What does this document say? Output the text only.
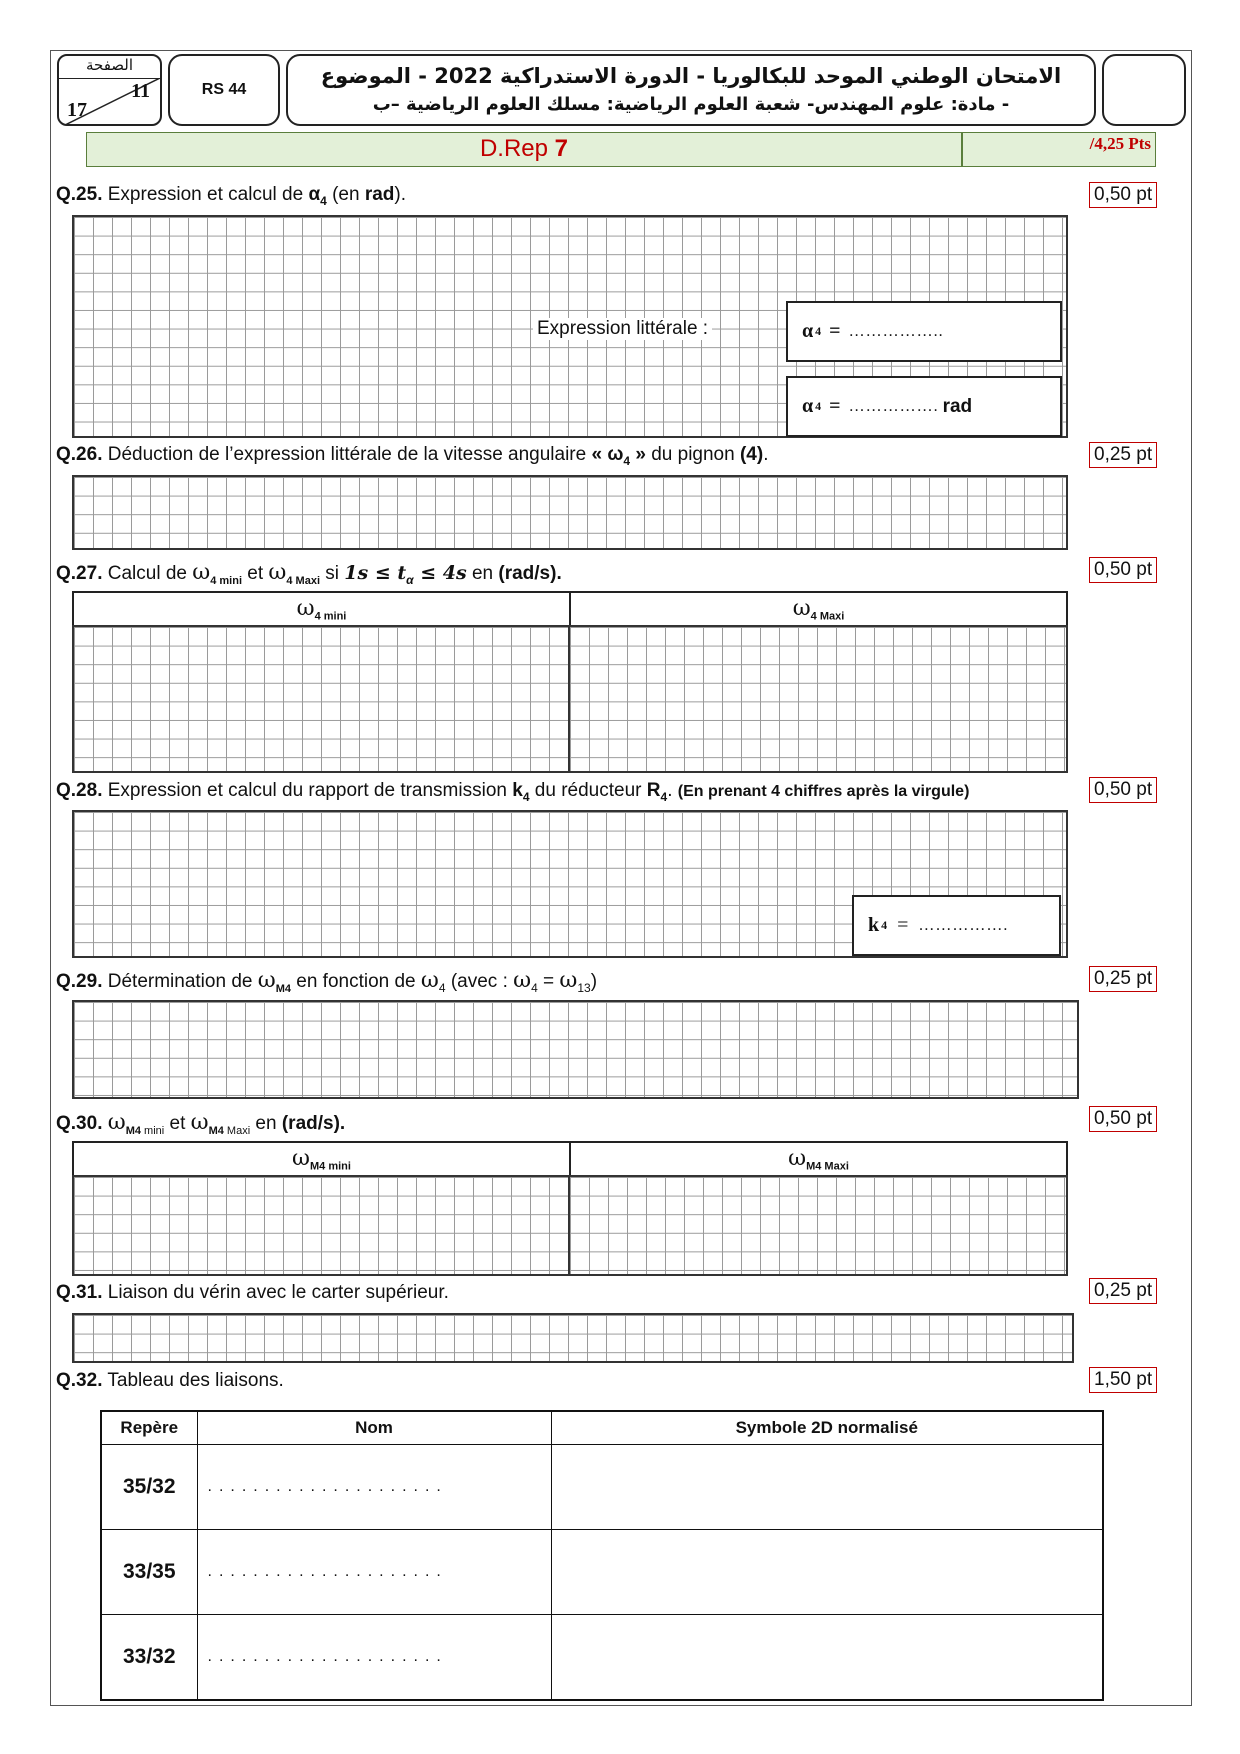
الصفحة
11
17
RS 44
الامتحان الوطني الموحد للبكالوريا - الدورة الاستدراكية 2022 - الموضوع
- مادة: علوم المهندس- شعبة العلوم الرياضية: مسلك العلوم الرياضية –ب
D.Rep 7	/4,25 Pts
Q.25. Expression et calcul de $\alpha_4$ (en rad).	0,50 pt
Expression littérale :	α 4 = ……………..
α 4 = ……………. rad
Q.26. Déduction de l’expression littérale de la vitesse angulaire « $\omega_4$ » du pignon (4).	0,25 pt
Q.27. Calcul de $\omega_{4 mini}$ et $\omega_{4 Maxi}$ si $1s \le t_\alpha \le 4s$ en (rad/s).	0,50 pt
$\omega_{4 mini}$	$\omega_{4 Maxi}$
Q.28. Expression et calcul du rapport de transmission $k_4$ du réducteur $R_4$. (En prenant 4 chiffres après la virgule)	0,50 pt
k 4 = …………….
Q.29. Détermination de $\omega_{M4}$ en fonction de $\omega_4$ (avec : $\omega_4 = \omega_{13}$)	0,25 pt
Q.30. $\omega_{M4}$ $_{mini}$ et $\omega_{M4}$ $_{Maxi}$ en (rad/s).	0,50 pt
$\omega_{M4 mini}$	$\omega_{M4 Maxi}$
Q.31. Liaison du vérin avec le carter supérieur.	0,25 pt
Q.32. Tableau des liaisons.	1,50 pt
Repère	Nom	Symbole 2D normalisé
35/32	.....................	
33/35	.....................	
33/32	.....................	
